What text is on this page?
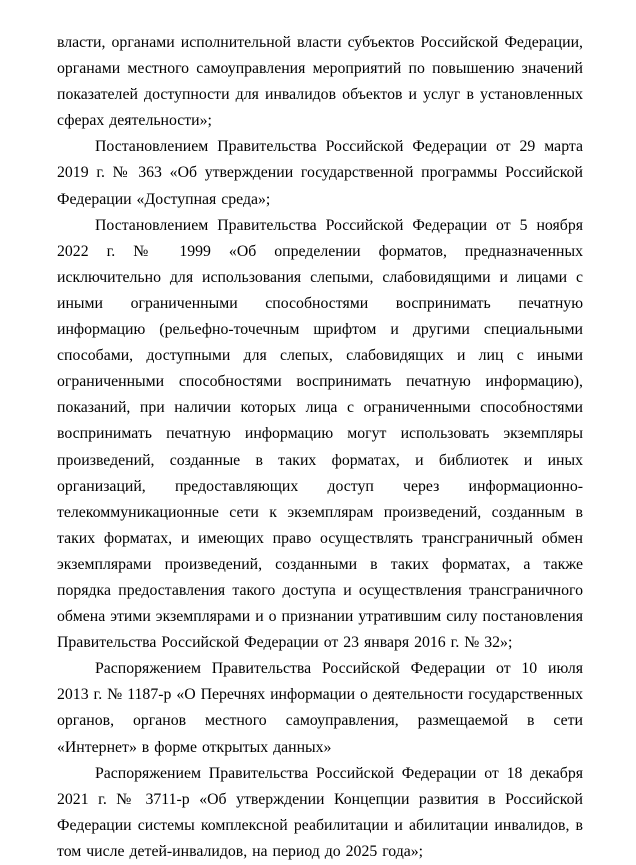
власти, органами исполнительной власти субъектов Российской Федерации, органами местного самоуправления мероприятий по повышению значений показателей доступности для инвалидов объектов и услуг в установленных сферах деятельности»;

Постановлением Правительства Российской Федерации от 29 марта 2019 г. № 363 «Об утверждении государственной программы Российской Федерации «Доступная среда»;

Постановлением Правительства Российской Федерации от 5 ноября 2022 г. № 1999 «Об определении форматов, предназначенных исключительно для использования слепыми, слабовидящими и лицами с иными ограниченными способностями воспринимать печатную информацию (рельефно-точечным шрифтом и другими специальными способами, доступными для слепых, слабовидящих и лиц с иными ограниченными способностями воспринимать печатную информацию), показаний, при наличии которых лица с ограниченными способностями воспринимать печатную информацию могут использовать экземпляры произведений, созданные в таких форматах, и библиотек и иных организаций, предоставляющих доступ через информационно-телекоммуникационные сети к экземплярам произведений, созданным в таких форматах, и имеющих право осуществлять трансграничный обмен экземплярами произведений, созданными в таких форматах, а также порядка предоставления такого доступа и осуществления трансграничного обмена этими экземплярами и о признании утратившим силу постановления Правительства Российской Федерации от 23 января 2016 г. № 32»;

Распоряжением Правительства Российской Федерации от 10 июля 2013 г. № 1187-р «О Перечнях информации о деятельности государственных органов, органов местного самоуправления, размещаемой в сети «Интернет» в форме открытых данных»

Распоряжением Правительства Российской Федерации от 18 декабря 2021 г. № 3711-р «Об утверждении Концепции развития в Российской Федерации системы комплексной реабилитации и абилитации инвалидов, в том числе детей-инвалидов, на период до 2025 года»;
